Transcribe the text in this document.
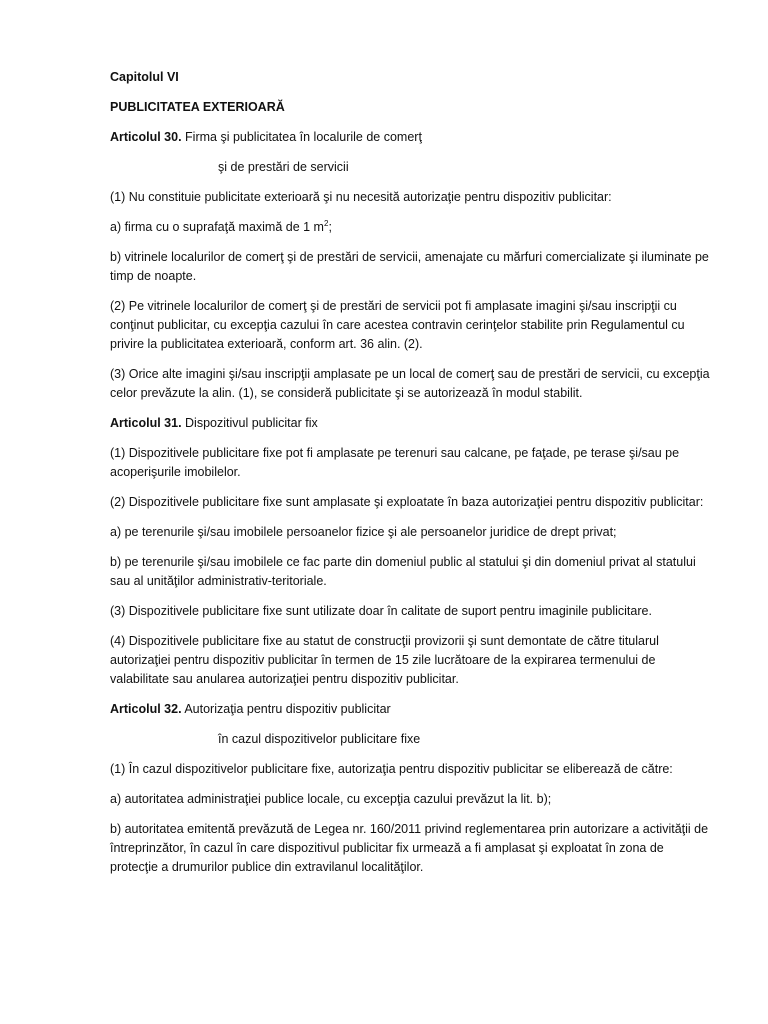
Capitolul VI

PUBLICITATEA EXTERIOARĂ

Articolul 30. Firma şi publicitatea în localurile de comerţ

şi de prestări de servicii

(1) Nu constituie publicitate exterioară şi nu necesită autorizaţie pentru dispozitiv publicitar:

a) firma cu o suprafaţă maximă de 1 $m^2$;

b) vitrinele localurilor de comerţ şi de prestări de servicii, amenajate cu mărfuri comercializate şi iluminate pe timp de noapte.

(2) Pe vitrinele localurilor de comerţ şi de prestări de servicii pot fi amplasate imagini şi/sau inscripţii cu conţinut publicitar, cu excepţia cazului în care acestea contravin cerinţelor stabilite prin Regulamentul cu privire la publicitatea exterioară, conform art. 36 alin. (2).

(3) Orice alte imagini şi/sau inscripţii amplasate pe un local de comerţ sau de prestări de servicii, cu excepţia celor prevăzute la alin. (1), se consideră publicitate şi se autorizează în modul stabilit.

Articolul 31. Dispozitivul publicitar fix

(1) Dispozitivele publicitare fixe pot fi amplasate pe terenuri sau calcane, pe faţade, pe terase şi/sau pe acoperişurile imobilelor.

(2) Dispozitivele publicitare fixe sunt amplasate şi exploatate în baza autorizaţiei pentru dispozitiv publicitar:

a) pe terenurile şi/sau imobilele persoanelor fizice şi ale persoanelor juridice de drept privat;

b) pe terenurile şi/sau imobilele ce fac parte din domeniul public al statului şi din domeniul privat al statului sau al unităţilor administrativ-teritoriale.

(3) Dispozitivele publicitare fixe sunt utilizate doar în calitate de suport pentru imaginile publicitare.

(4) Dispozitivele publicitare fixe au statut de construcţii provizorii şi sunt demontate de către titularul autorizaţiei pentru dispozitiv publicitar în termen de 15 zile lucrătoare de la expirarea termenului de valabilitate sau anularea autorizaţiei pentru dispozitiv publicitar.

Articolul 32. Autorizaţia pentru dispozitiv publicitar

în cazul dispozitivelor publicitare fixe

(1) În cazul dispozitivelor publicitare fixe, autorizaţia pentru dispozitiv publicitar se eliberează de către:

a) autoritatea administraţiei publice locale, cu excepţia cazului prevăzut la lit. b);

b) autoritatea emitentă prevăzută de Legea nr. 160/2011 privind reglementarea prin autorizare a activităţii de întreprinzător, în cazul în care dispozitivul publicitar fix urmează a fi amplasat şi exploatat în zona de protecţie a drumurilor publice din extravilanul localităţilor.
